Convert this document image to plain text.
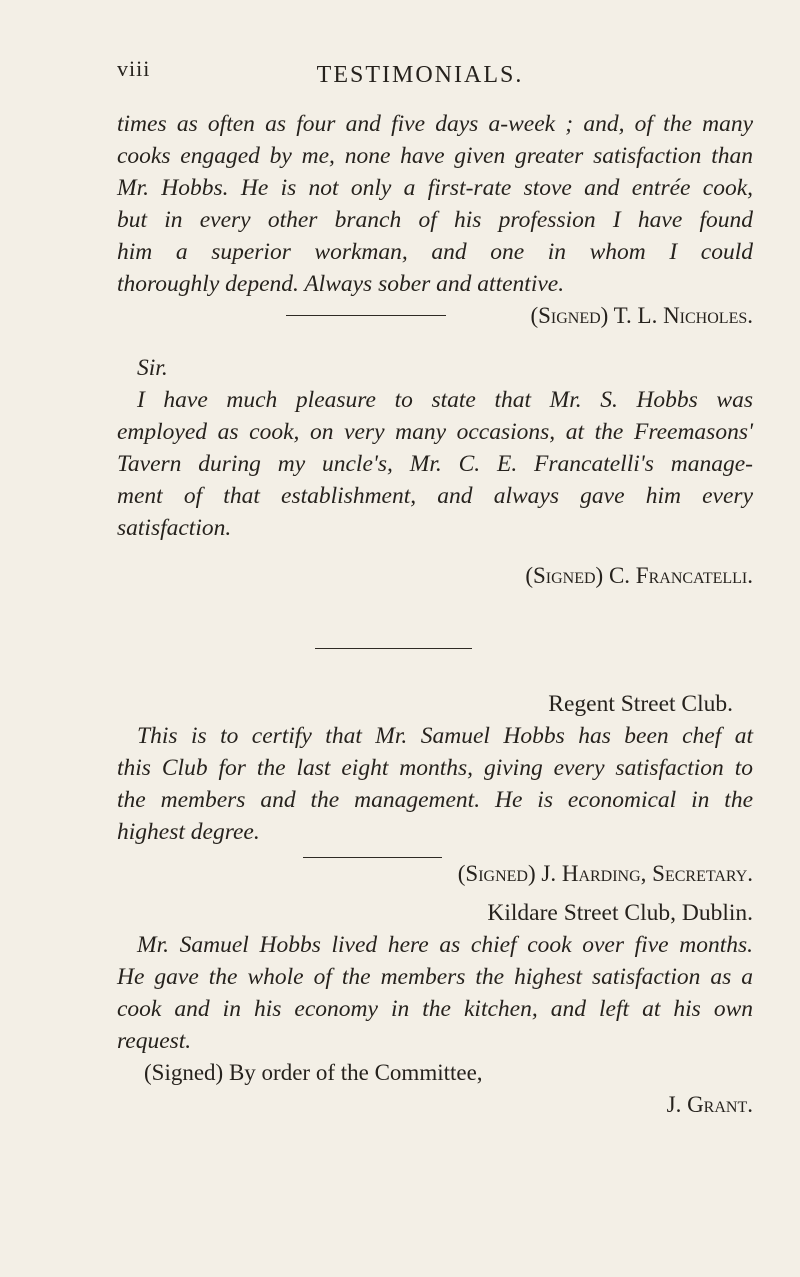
viii	TESTIMONIALS.
times as often as four and five days a-week ; and, of the many
cooks engaged by me, none have given greater satisfaction than
Mr. Hobbs. He is not only a first-rate stove and entrée cook,
but in every other branch of his profession I have found
him a superior workman, and one in whom I could
thoroughly depend. Always sober and attentive.
(Signed) T. L. Nicholes.
Sir.
I have much pleasure to state that Mr. S. Hobbs was
employed as cook, on very many occasions, at the Freemasons'
Tavern during my uncle's, Mr. C. E. Francatelli's manage-
ment of that establishment, and always gave him every
satisfaction.
(Signed) C. Francatelli.
Regent Street Club.
This is to certify that Mr. Samuel Hobbs has been chef at
this Club for the last eight months, giving every satisfaction to
the members and the management. He is economical in the
highest degree.
(Signed) J. Harding, Secretary.
Kildare Street Club, Dublin.
Mr. Samuel Hobbs lived here as chief cook over five months.
He gave the whole of the members the highest satisfaction as a
cook and in his economy in the kitchen, and left at his own
request.
(Signed) By order of the Committee,
J. Grant.
